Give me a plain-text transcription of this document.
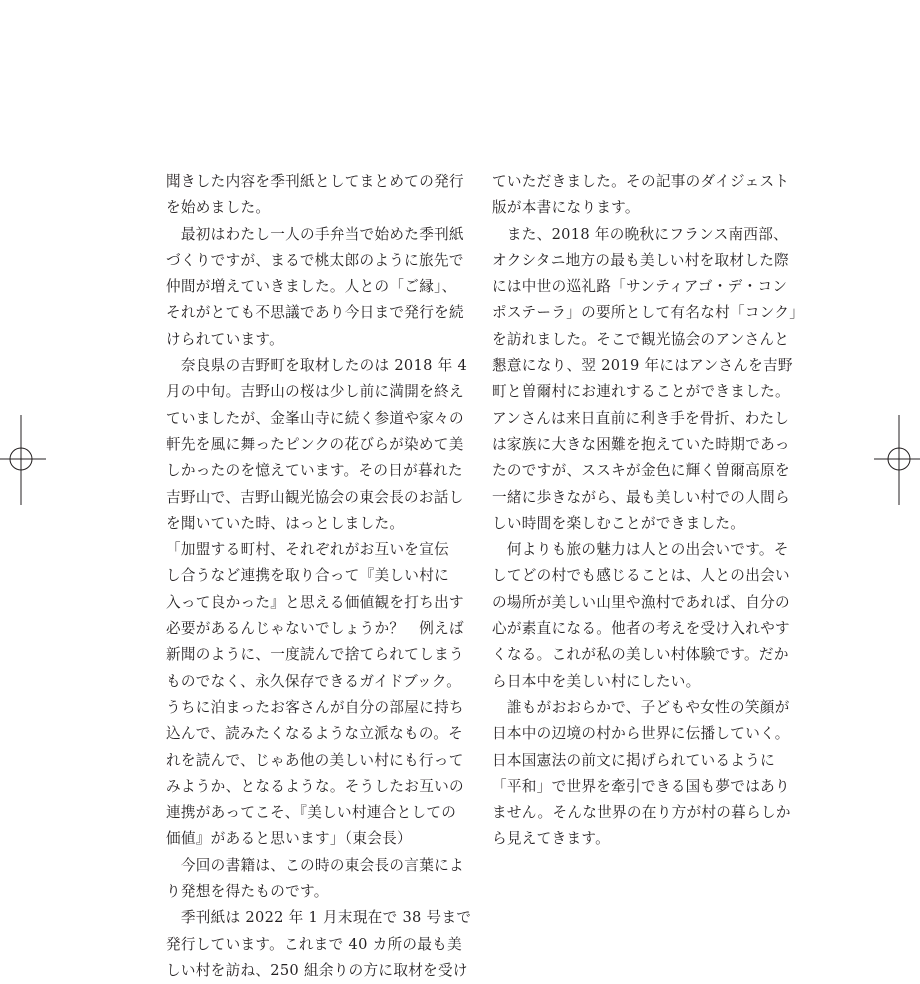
聞きした内容を季刊紙としてまとめての発行
を始めました。
　最初はわたし一人の手弁当で始めた季刊紙
づくりですが、まるで桃太郎のように旅先で
仲間が増えていきました。人との「ご縁」、
それがとても不思議であり今日まで発行を続
けられています。
　奈良県の吉野町を取材したのは 2018 年 4
月の中旬。吉野山の桜は少し前に満開を終え
ていましたが、金峯山寺に続く参道や家々の
軒先を風に舞ったピンクの花びらが染めて美
しかったのを憶えています。その日が暮れた
吉野山で、吉野山観光協会の東会長のお話し
を聞いていた時、はっとしました。
「加盟する町村、それぞれがお互いを宣伝
し合うなど連携を取り合って『美しい村に
入って良かった』と思える価値観を打ち出す
必要があるんじゃないでしょうか？　例えば
新聞のように、一度読んで捨てられてしまう
ものでなく、永久保存できるガイドブック。
うちに泊まったお客さんが自分の部屋に持ち
込んで、読みたくなるような立派なもの。そ
れを読んで、じゃあ他の美しい村にも行って
みようか、となるような。そうしたお互いの
連携があってこそ、『美しい村連合としての
価値』があると思います」（東会長）
　今回の書籍は、この時の東会長の言葉によ
り発想を得たものです。
　季刊紙は 2022 年 1 月末現在で 38 号まで
発行しています。これまで 40 カ所の最も美
しい村を訪ね、250 組余りの方に取材を受け
ていただきました。その記事のダイジェスト
版が本書になります。
　また、2018 年の晩秋にフランス南西部、
オクシタニ地方の最も美しい村を取材した際
には中世の巡礼路「サンティアゴ・デ・コン
ポステーラ」の要所として有名な村「コンク」
を訪れました。そこで観光協会のアンさんと
懇意になり、翌 2019 年にはアンさんを吉野
町と曽爾村にお連れすることができました。
アンさんは来日直前に利き手を骨折、わたし
は家族に大きな困難を抱えていた時期であっ
たのですが、ススキが金色に輝く曽爾高原を
一緒に歩きながら、最も美しい村での人間ら
しい時間を楽しむことができました。
　何よりも旅の魅力は人との出会いです。そ
してどの村でも感じることは、人との出会い
の場所が美しい山里や漁村であれば、自分の
心が素直になる。他者の考えを受け入れやす
くなる。これが私の美しい村体験です。だか
ら日本中を美しい村にしたい。
　誰もがおおらかで、子どもや女性の笑顔が
日本中の辺境の村から世界に伝播していく。
日本国憲法の前文に掲げられているように
「平和」で世界を牽引できる国も夢ではあり
ません。そんな世界の在り方が村の暮らしか
ら見えてきます。
